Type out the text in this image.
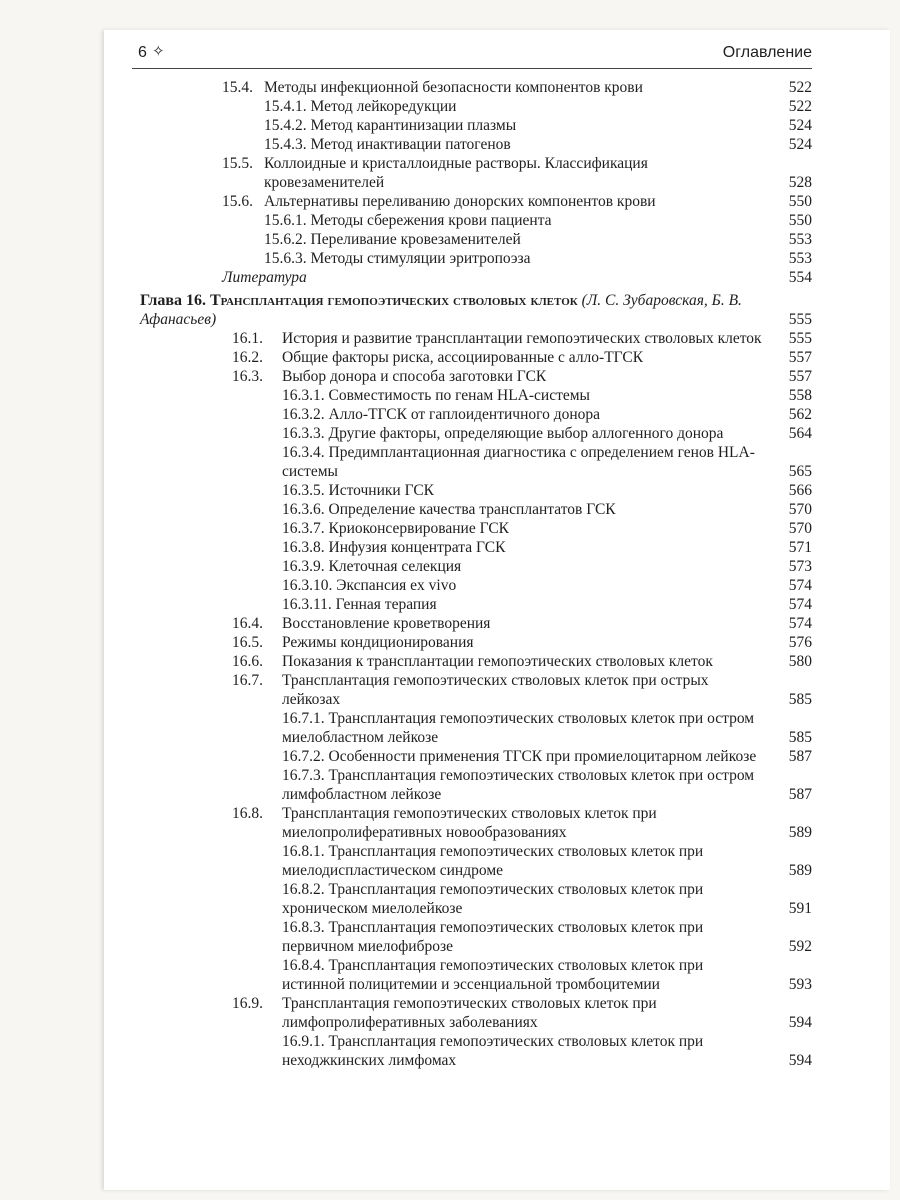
6 ✧	Оглавление
15.4. Методы инфекционной безопасности компонентов крови	522
15.4.1. Метод лейкоредукции	522
15.4.2. Метод карантинизации плазмы	524
15.4.3. Метод инактивации патогенов	524
15.5. Коллоидные и кристаллоидные растворы. Классификация кровезаменителей	528
15.6. Альтернативы переливанию донорских компонентов крови	550
15.6.1. Методы сбережения крови пациента	550
15.6.2. Переливание кровезаменителей	553
15.6.3. Методы стимуляции эритропоэза	553
Литература	554
Глава 16. Трансплантация гемопоэтических стволовых клеток (Л. С. Зубаровская, Б. В. Афанасьев)	555
16.1. История и развитие трансплантации гемопоэтических стволовых клеток	555
16.2. Общие факторы риска, ассоциированные с алло-ТГСК	557
16.3. Выбор донора и способа заготовки ГСК	557
16.3.1. Совместимость по генам HLA-системы	558
16.3.2. Алло-ТГСК от гаплоидентичного донора	562
16.3.3. Другие факторы, определяющие выбор аллогенного донора	564
16.3.4. Предимплантационная диагностика с определением генов HLA-системы	565
16.3.5. Источники ГСК	566
16.3.6. Определение качества трансплантатов ГСК	570
16.3.7. Криоконсервирование ГСК	570
16.3.8. Инфузия концентрата ГСК	571
16.3.9. Клеточная селекция	573
16.3.10. Экспансия ex vivo	574
16.3.11. Генная терапия	574
16.4. Восстановление кроветворения	574
16.5. Режимы кондиционирования	576
16.6. Показания к трансплантации гемопоэтических стволовых клеток	580
16.7. Трансплантация гемопоэтических стволовых клеток при острых лейкозах	585
16.7.1. Трансплантация гемопоэтических стволовых клеток при остром миелобластном лейкозе	585
16.7.2. Особенности применения ТГСК при промиелоцитарном лейкозе	587
16.7.3. Трансплантация гемопоэтических стволовых клеток при остром лимфобластном лейкозе	587
16.8. Трансплантация гемопоэтических стволовых клеток при миелопролиферативных новообразованиях	589
16.8.1. Трансплантация гемопоэтических стволовых клеток при миелодиспластическом синдроме	589
16.8.2. Трансплантация гемопоэтических стволовых клеток при хроническом миелолейкозе	591
16.8.3. Трансплантация гемопоэтических стволовых клеток при первичном миелофиброзе	592
16.8.4. Трансплантация гемопоэтических стволовых клеток при истинной полицитемии и эссенциальной тромбоцитемии	593
16.9. Трансплантация гемопоэтических стволовых клеток при лимфопролиферативных заболеваниях	594
16.9.1. Трансплантация гемопоэтических стволовых клеток при неходжкинских лимфомах	594
